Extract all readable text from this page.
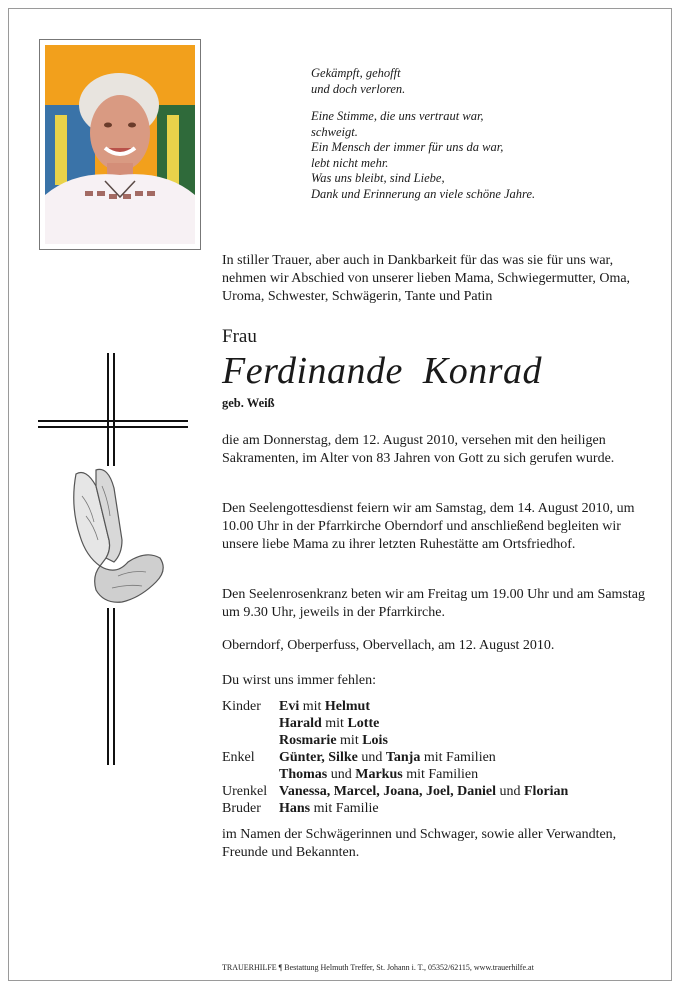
Gekämpft, gehofft
und doch verloren.

Eine Stimme, die uns vertraut war,
schweigt.
Ein Mensch der immer für uns da war,
lebt nicht mehr.
Was uns bleibt, sind Liebe,
Dank und Erinnerung an viele schöne Jahre.

In stiller Trauer, aber auch in Dankbarkeit für das was sie für uns war, nehmen wir Abschied von unserer lieben Mama, Schwiegermutter, Oma, Uroma, Schwester, Schwägerin, Tante und Patin
Frau
Ferdinande  Konrad
geb. Weiß
die am Donnerstag, dem 12. August 2010, versehen mit den heiligen Sakramenten, im Alter von 83 Jahren von Gott zu sich gerufen wurde.
Den Seelengottesdienst feiern wir am Samstag, dem 14. August 2010, um 10.00 Uhr in der Pfarrkirche Oberndorf und anschließend begleiten wir unsere liebe Mama zu ihrer letzten Ruhestätte am Ortsfriedhof.
Den Seelenrosenkranz beten wir am Freitag um 19.00 Uhr und am Samstag um 9.30 Uhr, jeweils in der Pfarrkirche.
Oberndorf, Oberperfuss, Obervellach, am 12. August 2010.
Du wirst uns immer fehlen:
Kinder	Evi mit Helmut
Harald mit Lotte
Rosmarie mit Lois
Enkel	Günter, Silke und Tanja mit Familien
Thomas und Markus mit Familien
Urenkel Vanessa, Marcel, Joana, Joel, Daniel und Florian
Bruder	Hans mit Familie
im Namen der Schwägerinnen und Schwager, sowie aller Verwandten, Freunde und Bekannten.
TRAUERHILFE ¶ Bestattung Helmuth Treffer, St. Johann i. T., 05352/62115, www.trauerhilfe.at
